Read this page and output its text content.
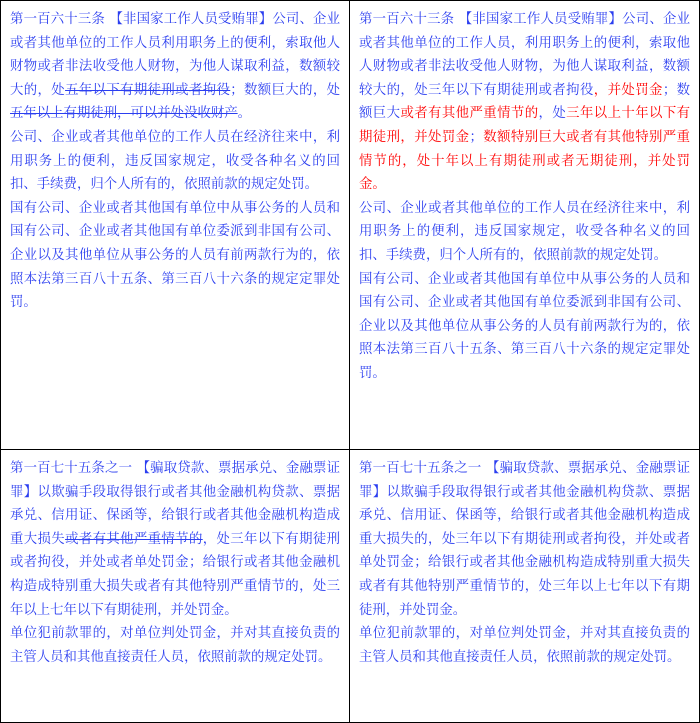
第一百六十三条 【非国家工作人员受贿罪】公司、企业或者其他单位的工作人员利用职务上的便利，索取他人财物或者非法收受他人财物，为他人谋取利益，数额较大的，处五年以下有期徒刑或者拘役；数额巨大的，处五年以上有期徒刑，可以并处没收财产。
公司、企业或者其他单位的工作人员在经济往来中，利用职务上的便利，违反国家规定，收受各种名义的回扣、手续费，归个人所有的，依照前款的规定处罚。
国有公司、企业或者其他国有单位中从事公务的人员和国有公司、企业或者其他国有单位委派到非国有公司、企业以及其他单位从事公务的人员有前两款行为的，依照本法第三百八十五条、第三百八十六条的规定定罪处罚。
第一百六十三条 【非国家工作人员受贿罪】公司、企业或者其他单位的工作人员，利用职务上的便利，索取他人财物或者非法收受他人财物，为他人谋取利益，数额较大的，处三年以下有期徒刑或者拘役，并处罚金；数额巨大或者有其他严重情节的，处三年以上十年以下有期徒刑，并处罚金；数额特别巨大或者有其他特别严重情节的，处十年以上有期徒刑或者无期徒刑，并处罚金。
公司、企业或者其他单位的工作人员在经济往来中，利用职务上的便利，违反国家规定，收受各种名义的回扣、手续费，归个人所有的，依照前款的规定处罚。
国有公司、企业或者其他国有单位中从事公务的人员和国有公司、企业或者其他国有单位委派到非国有公司、企业以及其他单位从事公务的人员有前两款行为的，依照本法第三百八十五条、第三百八十六条的规定定罪处罚。
第一百七十五条之一 【骗取贷款、票据承兑、金融票证罪】以欺骗手段取得银行或者其他金融机构贷款、票据承兑、信用证、保函等，给银行或者其他金融机构造成重大损失或者有其他严重情节的，处三年以下有期徒刑或者拘役，并处或者单处罚金；给银行或者其他金融机构造成特别重大损失或者有其他特别严重情节的，处三年以上七年以下有期徒刑，并处罚金。
单位犯前款罪的，对单位判处罚金，并对其直接负责的主管人员和其他直接责任人员，依照前款的规定处罚。
第一百七十五条之一 【骗取贷款、票据承兑、金融票证罪】以欺骗手段取得银行或者其他金融机构贷款、票据承兑、信用证、保函等，给银行或者其他金融机构造成重大损失的，处三年以下有期徒刑或者拘役，并处或者单处罚金；给银行或者其他金融机构造成特别重大损失或者有其他特别严重情节的，处三年以上七年以下有期徒刑，并处罚金。
单位犯前款罪的，对单位判处罚金，并对其直接负责的主管人员和其他直接责任人员，依照前款的规定处罚。
